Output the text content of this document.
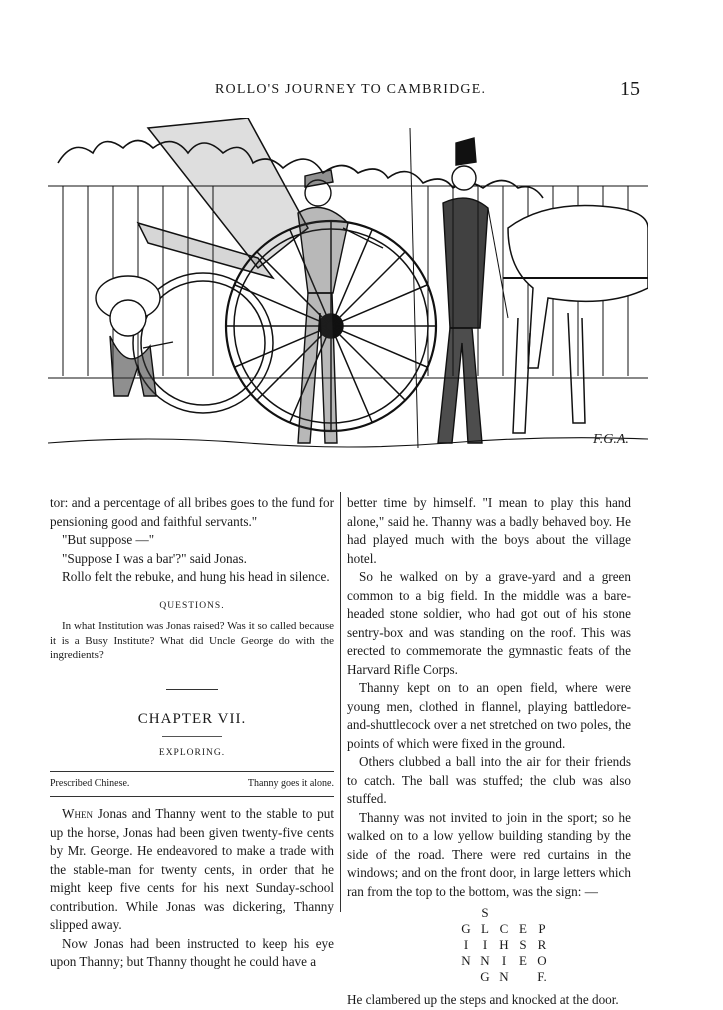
ROLLO'S JOURNEY TO CAMBRIDGE.	15
F.G.A.

tor: and a percentage of all bribes goes to the fund for pensioning good and faithful servants."

"But suppose —"

"Suppose I was a bar'?" said Jonas.

Rollo felt the rebuke, and hung his head in silence.

QUESTIONS.

In what Institution was Jonas raised? Was it so called because it is a Busy Institute? What did Uncle George do with the ingredients?

CHAPTER VII.
EXPLORING.
Prescribed Chinese.	Thanny goes it alone.

When Jonas and Thanny went to the stable to put up the horse, Jonas had been given twenty-five cents by Mr. George. He endeavored to make a trade with the stable-man for twenty cents, in order that he might keep five cents for his next Sunday-school contribution. While Jonas was dickering, Thanny slipped away.

Now Jonas had been instructed to keep his eye upon Thanny; but Thanny thought he could have a

better time by himself. "I mean to play this hand alone," said he. Thanny was a badly behaved boy. He had played much with the boys about the village hotel.

So he walked on by a grave-yard and a green common to a big field. In the middle was a bare-headed stone soldier, who had got out of his stone sentry-box and was standing on the roof. This was erected to commemorate the gymnastic feats of the Harvard Rifle Corps.

Thanny kept on to an open field, where were young men, clothed in flannel, playing battledore-and-shuttlecock over a net stretched on two poles, the points of which were fixed in the ground.

Others clubbed a ball into the air for their friends to catch. The ball was stuffed; the club was also stuffed.

Thanny was not invited to join in the sport; so he walked on to a low yellow building standing by the side of the road. There were red curtains in the windows; and on the front door, in large letters which ran from the top to the bottom, was the sign: —

S
G L C E P
I	I H S R
N N I E O
G N	F.

He clambered up the steps and knocked at the door.
